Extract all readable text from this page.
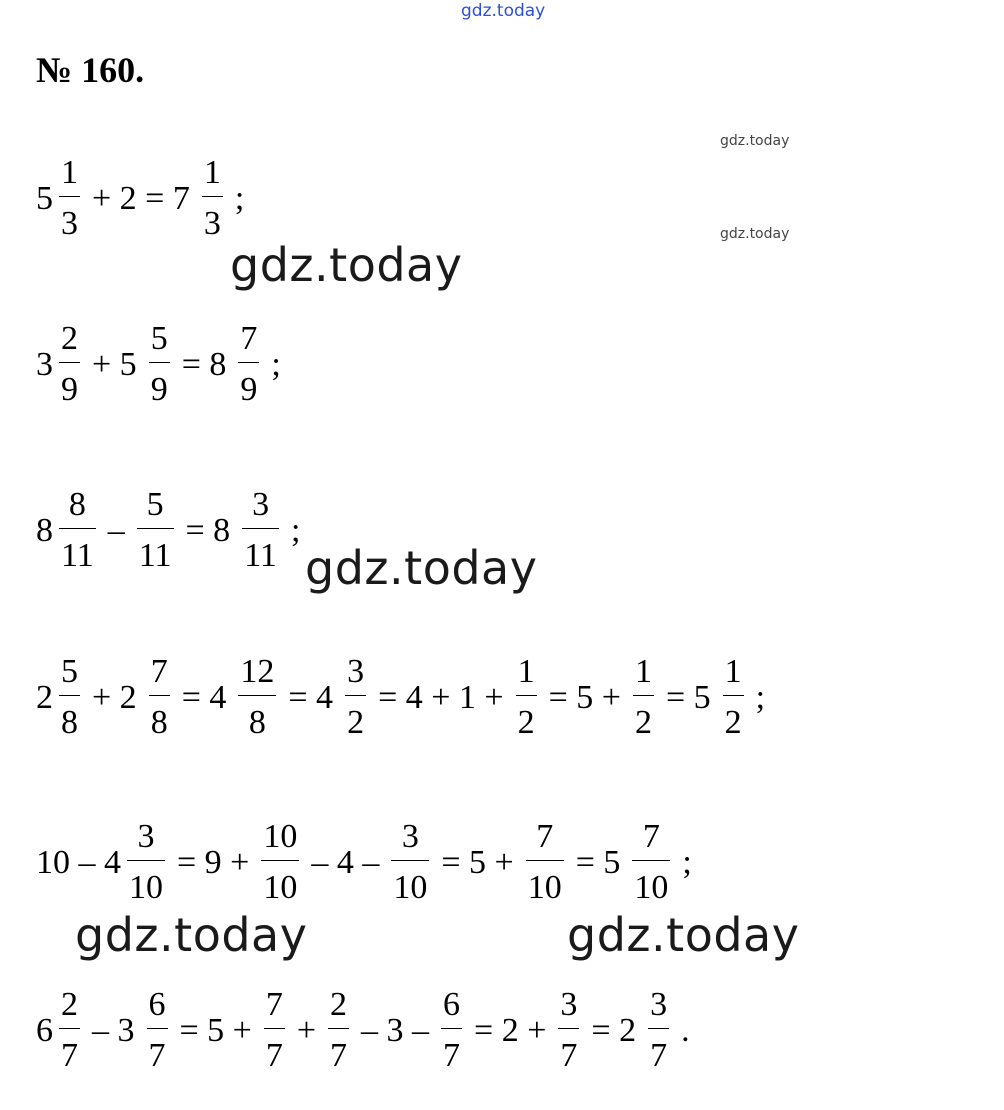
gdz.today
gdz.today
gdz.today
№ 160.
$5 \frac{1}{3} + 2 = 7 \frac{1}{3}$ ;
$3 \frac{2}{9} + 5 \frac{5}{9} = 8 \frac{7}{9}$ ;
$8 \frac{8}{11} - \frac{5}{11} = 8 \frac{3}{11}$ ;
$2 \frac{5}{8} + 2 \frac{7}{8} = 4 \frac{12}{8} = 4 \frac{3}{2} = 4 + 1 + \frac{1}{2} = 5 + \frac{1}{2} = 5 \frac{1}{2}$ ;
$10 - 4 \frac{3}{10} = 9 + \frac{10}{10} - 4 - \frac{3}{10} = 5 + \frac{7}{10} = 5 \frac{7}{10}$ ;
$6 \frac{2}{7} - 3 \frac{6}{7} = 5 + \frac{7}{7} + \frac{2}{7} - 3 - \frac{6}{7} = 2 + \frac{3}{7} = 2 \frac{3}{7}$ .
gdz.today
gdz.today
gdz.today	gdz.today
